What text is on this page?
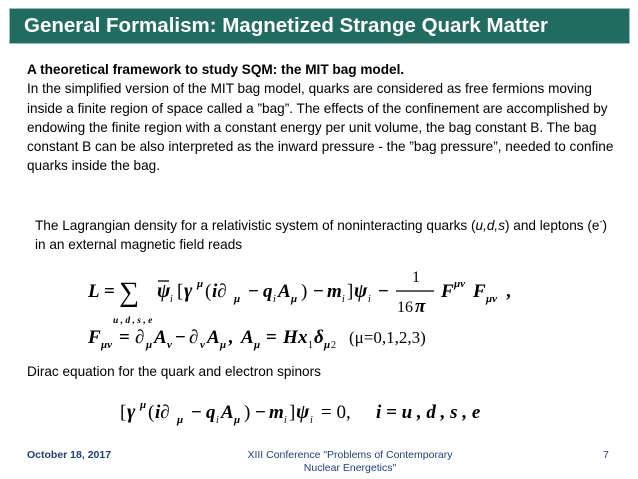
General Formalism: Magnetized Strange Quark Matter
A theoretical framework to study SQM: the MIT bag model.
In the simplified version of the MIT bag model, quarks are considered as free fermions moving inside a finite region of space called a ”bag”. The effects of the confinement are accomplished by endowing the finite region with a constant energy per unit volume, the bag constant B. The bag constant B can be also interpreted as the inward pressure - the ”bag pressure”, needed to confine quarks inside the bag.
The Lagrangian density for a relativistic system of noninteracting quarks (u,d,s) and leptons (e-) in an external magnetic field reads
Dirac equation for the quark and electron spinors
L = ∑
u , d , s , e
ψ i [ γ μ ( i∂ μ − q i A μ ) − m i ] ψ i −
1
16 π
F μν F μν ,
F μν = ∂ μ A ν − ∂ ν A μ , A μ = H x 1 δ μ 2 (μ=0,1,2,3)
[ γ μ ( i∂ μ − q i A μ ) − m i ] ψ i = 0, i = u , d , s , e
October 18, 2017	XIII Conference "Problems of Contemporary Nuclear Energetics"
7
